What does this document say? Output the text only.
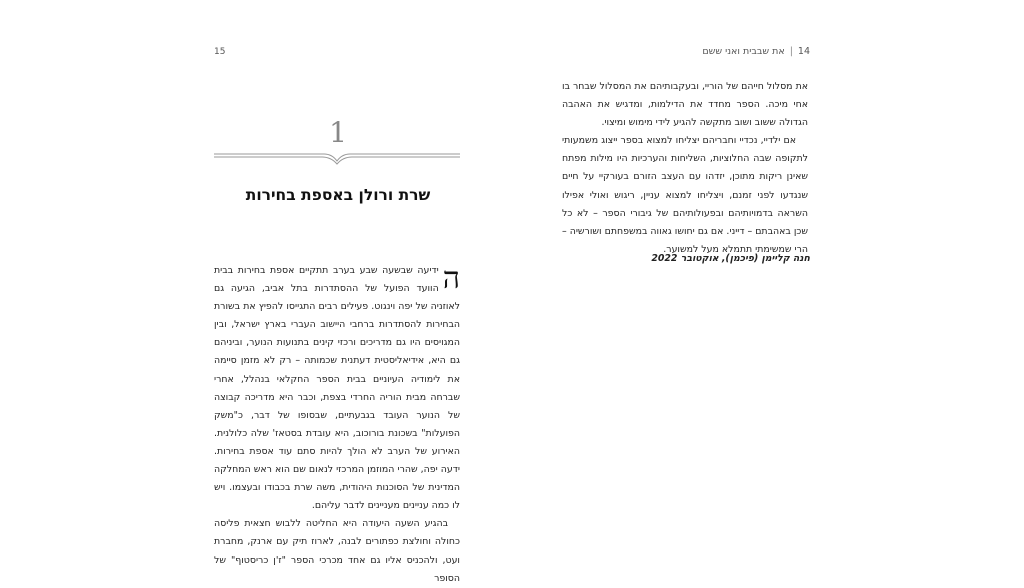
15
1
שרת ורולן באספת בחירות

ה
ידיעה שבשעה שבע בערב תתקיים אספת בחירות בבית הוועד הפועל של ההסתדרות בתל אביב, הגיעה גם לאוזניה של יפה וינגוט. פעילים רבים התגייסו להפיץ את בשורת הבחירות להסתדרות ברחבי היישוב העברי בארץ ישראל, ובין המגויסים היו גם מדריכים ורכזי קינים בתנועות הנוער, וביניהם גם היא, אידיאליסטית דעתנית שכמותה – רק לא מזמן סיימה את לימודיה העיוניים בבית הספר החקלאי בנהלל, אחרי שברחה מבית הוריה החרדי בצפת, וכבר היא מדריכה קבוצה של הנוער העובד בגבעתיים, שבסופו של דבר, כ"משק הפועלות" בשכונת בורוכוב, היא עובדת בסטאז' שלה כלולנית. האירוע של הערב לא הולך להיות סתם עוד אספת בחירות. ידעה יפה, שהרי המוזמן המרכזי לנאום שם הוא ראש המחלקה המדינית של הסוכנות היהודית, משה שרת בכבודו ובעצמו. ויש לו כמה עניינים מעניינים לדבר עליהם.

בהגיע השעה היעודה היא החליטה ללבוש חצאית פליסה כחולה וחולצת כפתורים לבנה, לארוז תיק עם ארנק, מחברת ועט, ולהכניס אליו גם אחד מכרכי הספר "ז'ן כריסטוף" של הסופר

14|את שבבית ואני ששם

את מסלול חייהם של הוריי, ובעקבותיהם את המסלול שבחר בו אחי מיכה. הספר מחדד את הדילמות, ומדגיש את האהבה הגדולה ששוב ושוב מתקשה להגיע לידי מימוש ומיצוי.

אם ילדיי, נכדיי וחבריהם יצליחו למצוא בספר ייצוג משמעותי לתקופה שבה החלוציות, השליחות והערכיות היו מילות מפתח שאינן ריקות מתוכן, יזדהו עם העצב הזורם בעורקיי על חיים שנגדעו לפני זמנם, ויצליחו למצוא עניין, ריגוש ואולי אפילו השראה בדמויותיהם ובפעולותיהם של גיבורי הספר – לא כל שכן באהבתם – דייני. אם גם יחושו גאווה במשפחתם ושורשיה – הרי שמשימתי תתמלא מעל למשוער.

חנה קליימן (פיכמן), אוקטובר 2022
